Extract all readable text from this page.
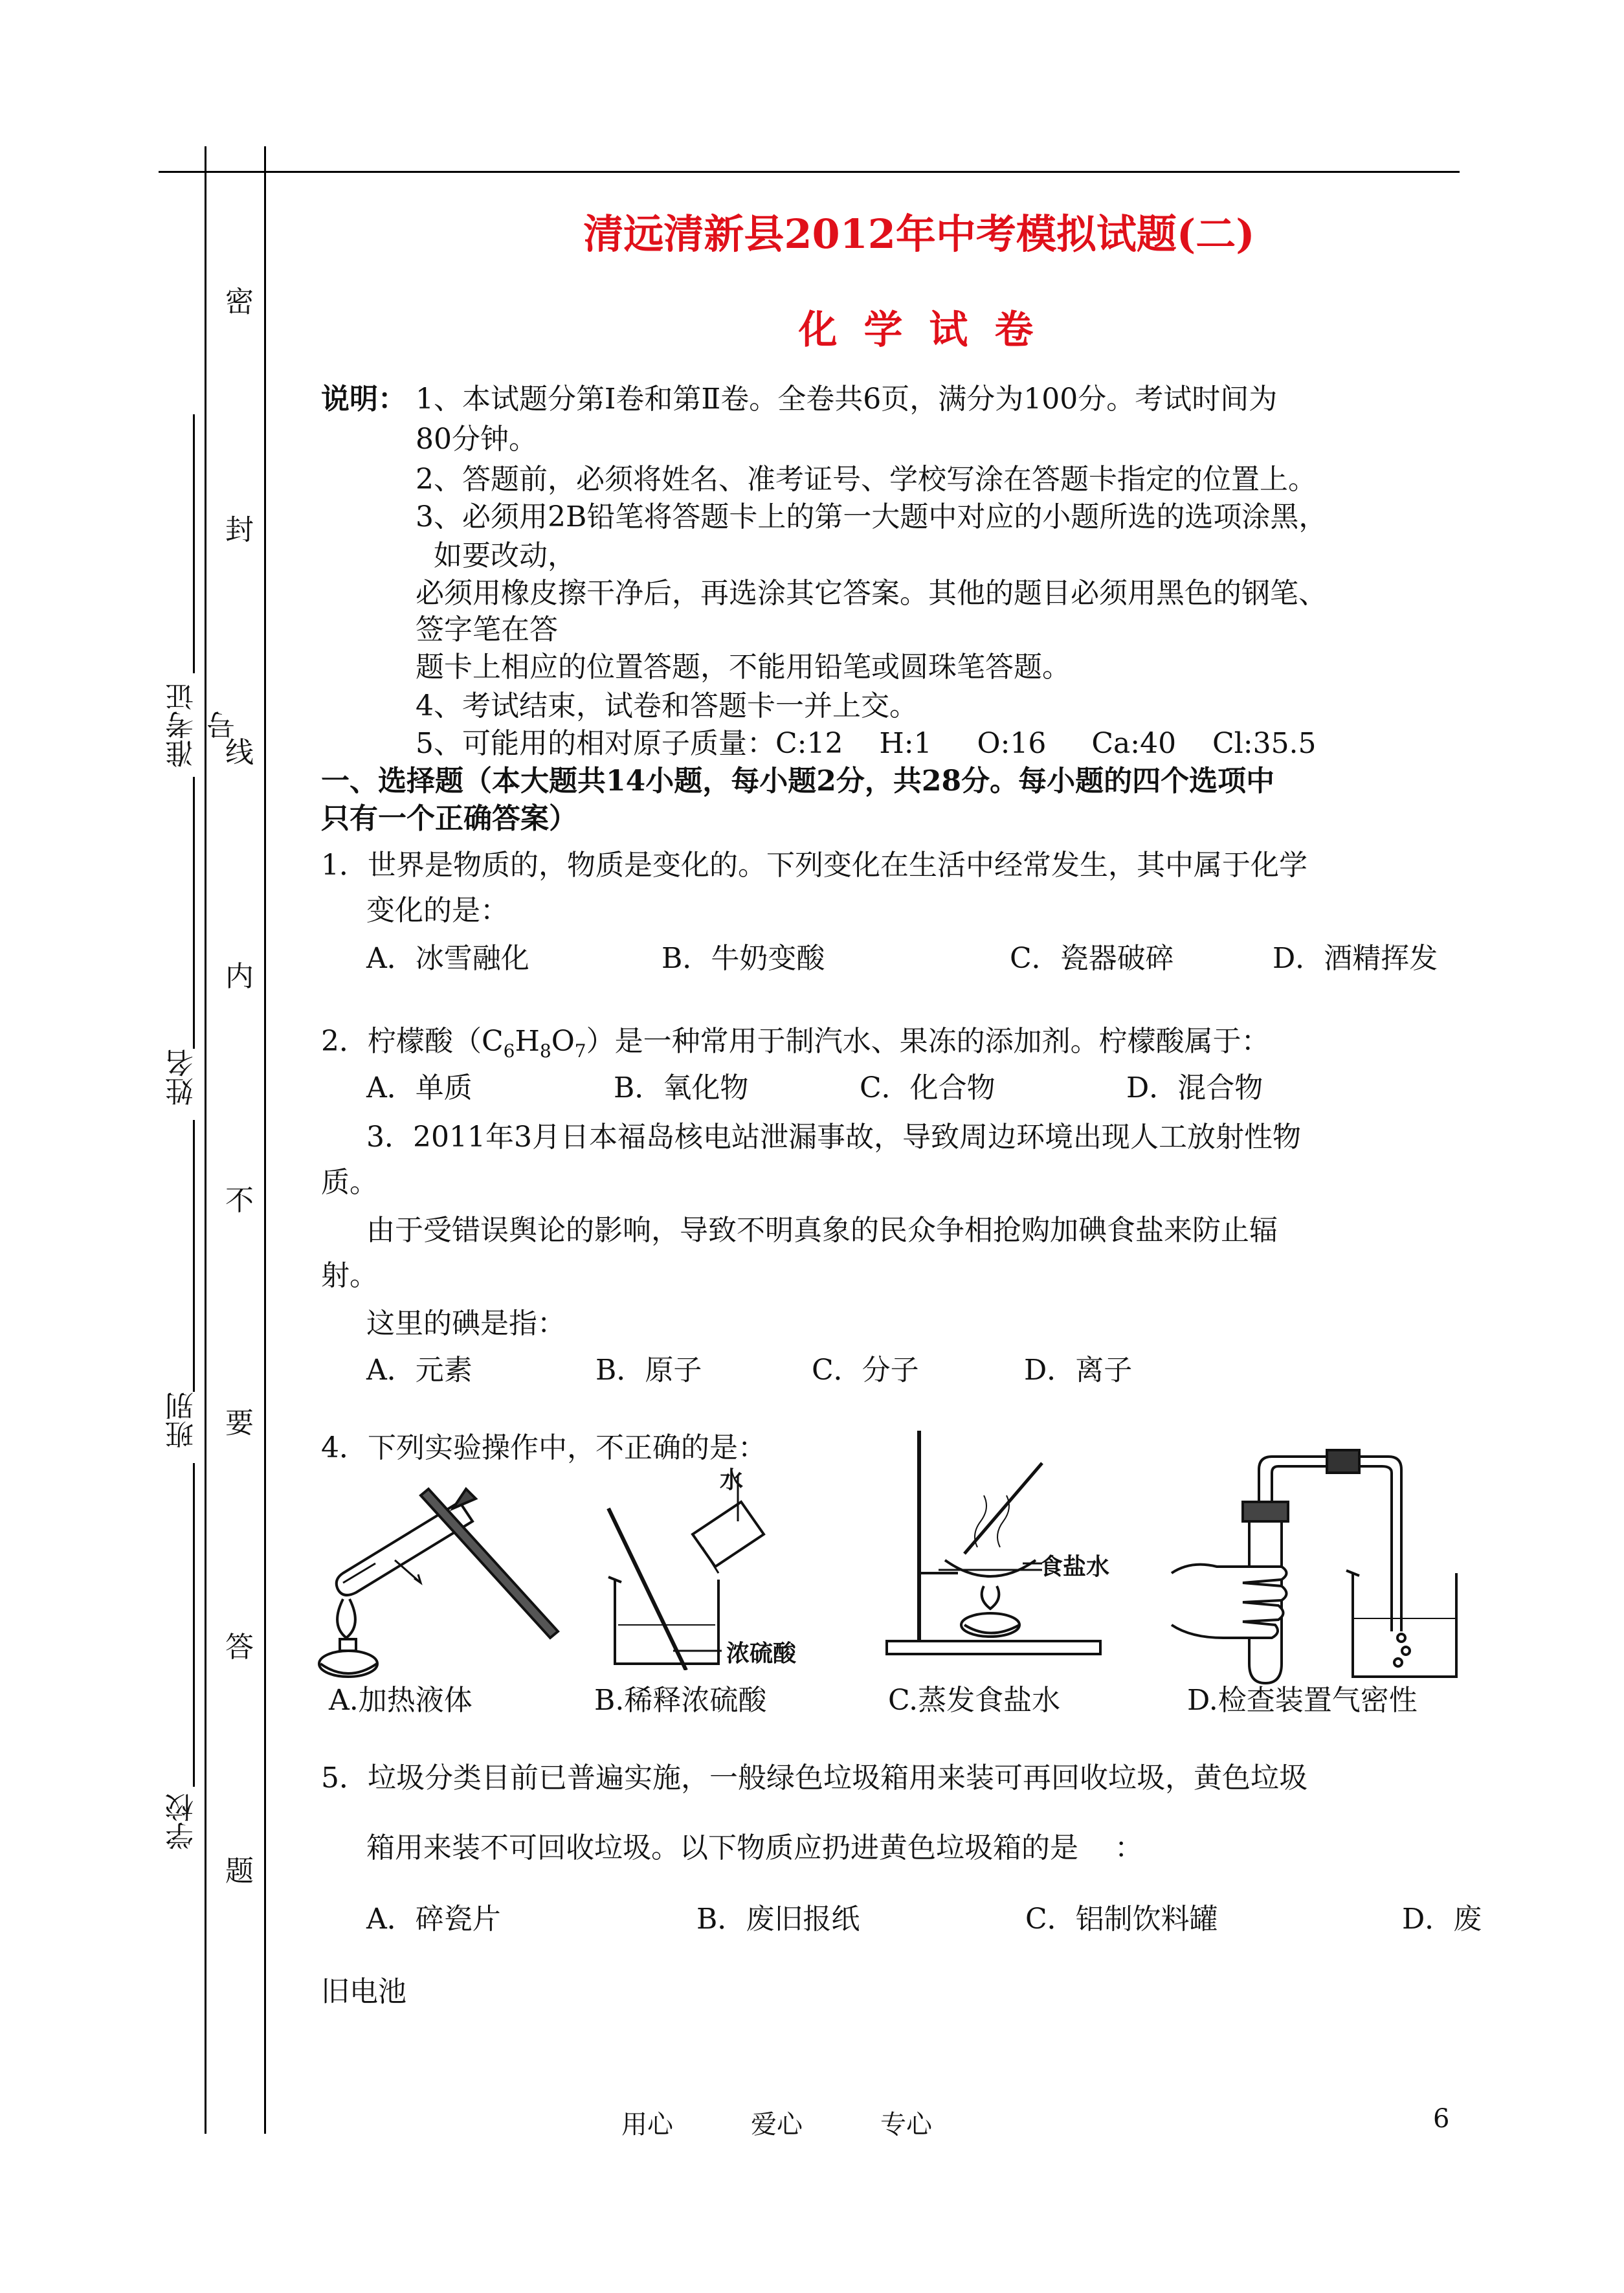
密
封
线
内
不
要
答
题
准考证号
姓名
班别
学校
清远清新县2012年中考模拟试题(二)
化 学 试 卷
说明： 1、本试题分第Ⅰ卷和第Ⅱ卷。全卷共6页，满分为100分。考试时间为
80分钟。
2、答题前，必须将姓名、准考证号、学校写涂在答题卡指定的位置上。
3、必须用2B铅笔将答题卡上的第一大题中对应的小题所选的选项涂黑，
如要改动，
必须用橡皮擦干净后，再选涂其它答案。其他的题目必须用黑色的钢笔、
签字笔在答
题卡上相应的位置答题，不能用铅笔或圆珠笔答题。
4、考试结束，试卷和答题卡一并上交。
5、可能用的相对原子质量：C:12    H:1     O:16     Ca:40    Cl:35.5
一、选择题（本大题共14小题，每小题2分，共28分。每小题的四个选项中
只有一个正确答案）
1．世界是物质的，物质是变化的。下列变化在生活中经常发生，其中属于化学
变化的是：
A．冰雪融化	B．牛奶变酸	C．瓷器破碎	D．酒精挥发
2．柠檬酸$(C_6H_8O_7)$是一种常用于制汽水、果冻的添加剂。柠檬酸属于：
A．单质	B．氧化物	C．化合物	D．混合物
3．2011年3月日本福岛核电站泄漏事故，导致周边环境出现人工放射性物
质。
由于受错误舆论的影响，导致不明真象的民众争相抢购加碘食盐来防止辐
射。
这里的碘是指：
A．元素	B．原子	C．分子	D．离子
4．下列实验操作中，不正确的是：
水
浓硫酸
食盐水
A.加热液体	B.稀释浓硫酸	C.蒸发食盐水	D.检查装置气密性
5．垃圾分类目前已普遍实施，一般绿色垃圾箱用来装可再回收垃圾，黄色垃圾
箱用来装不可回收垃圾。以下物质应扔进黄色垃圾箱的是    ：
A．碎瓷片	B．废旧报纸	C．铝制饮料罐	D．废
旧电池
用心	爱心	专心	6
